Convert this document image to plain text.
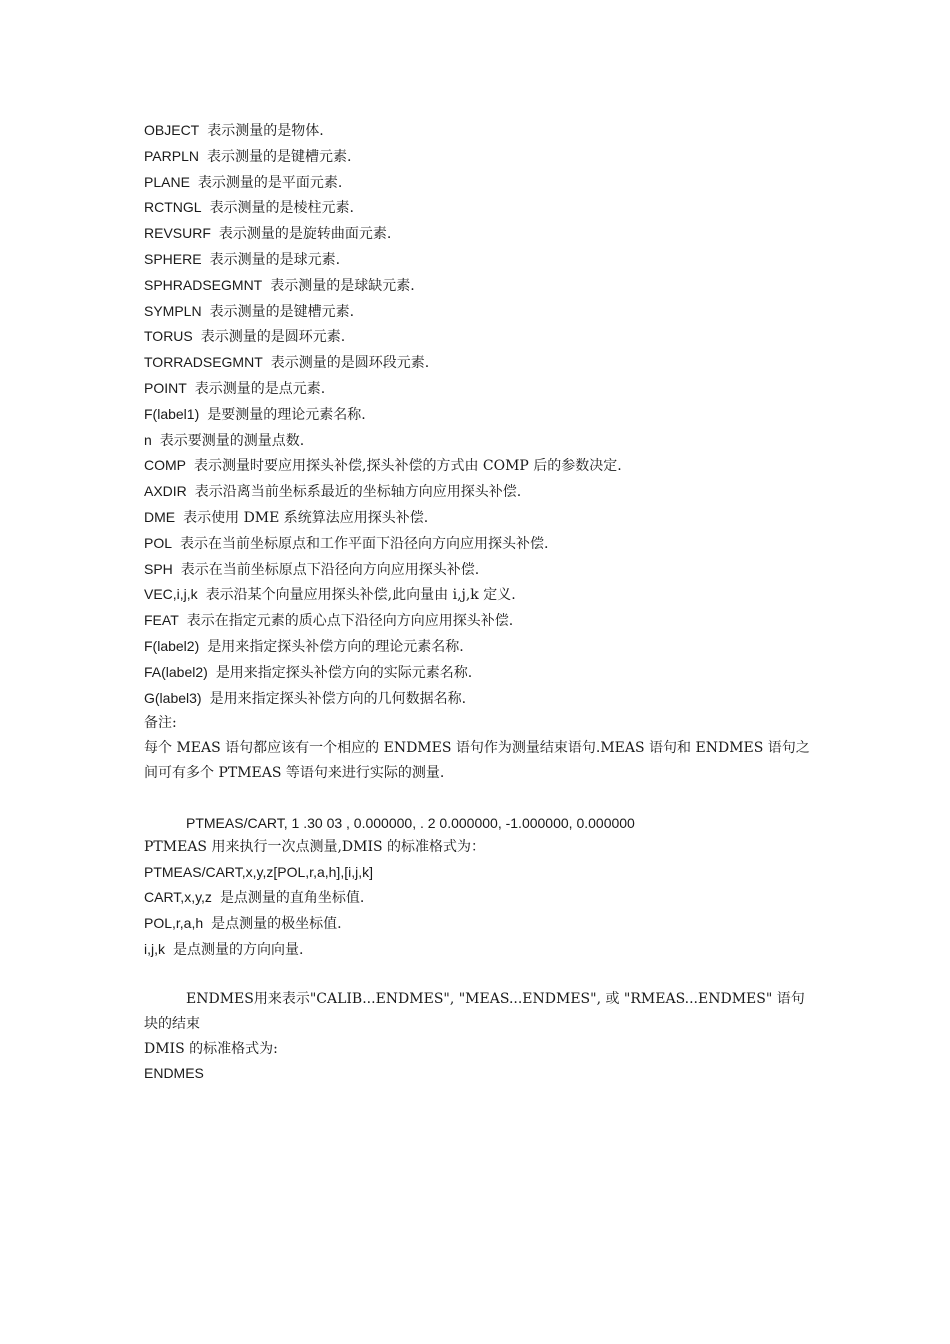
OBJECT 表示测量的是物体.
PARPLN 表示测量的是键槽元素.
PLANE 表示测量的是平面元素.
RCTNGL 表示测量的是棱柱元素.
REVSURF 表示测量的是旋转曲面元素.
SPHERE 表示测量的是球元素.
SPHRADSEGMNT 表示测量的是球缺元素.
SYMPLN 表示测量的是键槽元素.
TORUS 表示测量的是圆环元素.
TORRADSEGMNT 表示测量的是圆环段元素.
POINT 表示测量的是点元素.
F(label1) 是要测量的理论元素名称.
n 表示要测量的测量点数.
COMP 表示测量时要应用探头补偿,探头补偿的方式由 COMP 后的参数决定.
AXDIR 表示沿离当前坐标系最近的坐标轴方向应用探头补偿.
DME 表示使用 DME 系统算法应用探头补偿.
POL 表示在当前坐标原点和工作平面下沿径向方向应用探头补偿.
SPH 表示在当前坐标原点下沿径向方向应用探头补偿.
VEC,i,j,k 表示沿某个向量应用探头补偿,此向量由 i,j,k 定义.
FEAT 表示在指定元素的质心点下沿径向方向应用探头补偿.
F(label2) 是用来指定探头补偿方向的理论元素名称.
FA(label2) 是用来指定探头补偿方向的实际元素名称.
G(label3) 是用来指定探头补偿方向的几何数据名称.
备注:
每个 MEAS 语句都应该有一个相应的 ENDMES 语句作为测量结束语句.MEAS 语句和 ENDMES 语句之间可有多个 PTMEAS 等语句来进行实际的测量.
PTMEAS/CART, 1 .30 03 , 0.000000, . 2 0.000000, -1.000000, 0.000000
PTMEAS 用来执行一次点测量,DMIS 的标准格式为：
PTMEAS/CART,x,y,z[POL,r,a,h],[i,j,k]
CART,x,y,z 是点测量的直角坐标值.
POL,r,a,h 是点测量的极坐标值.
i,j,k 是点测量的方向向量.
ENDMES用来表示"CALIB...ENDMES", "MEAS...ENDMES", 或 "RMEAS...ENDMES" 语句块的结束
DMIS 的标准格式为:
ENDMES
